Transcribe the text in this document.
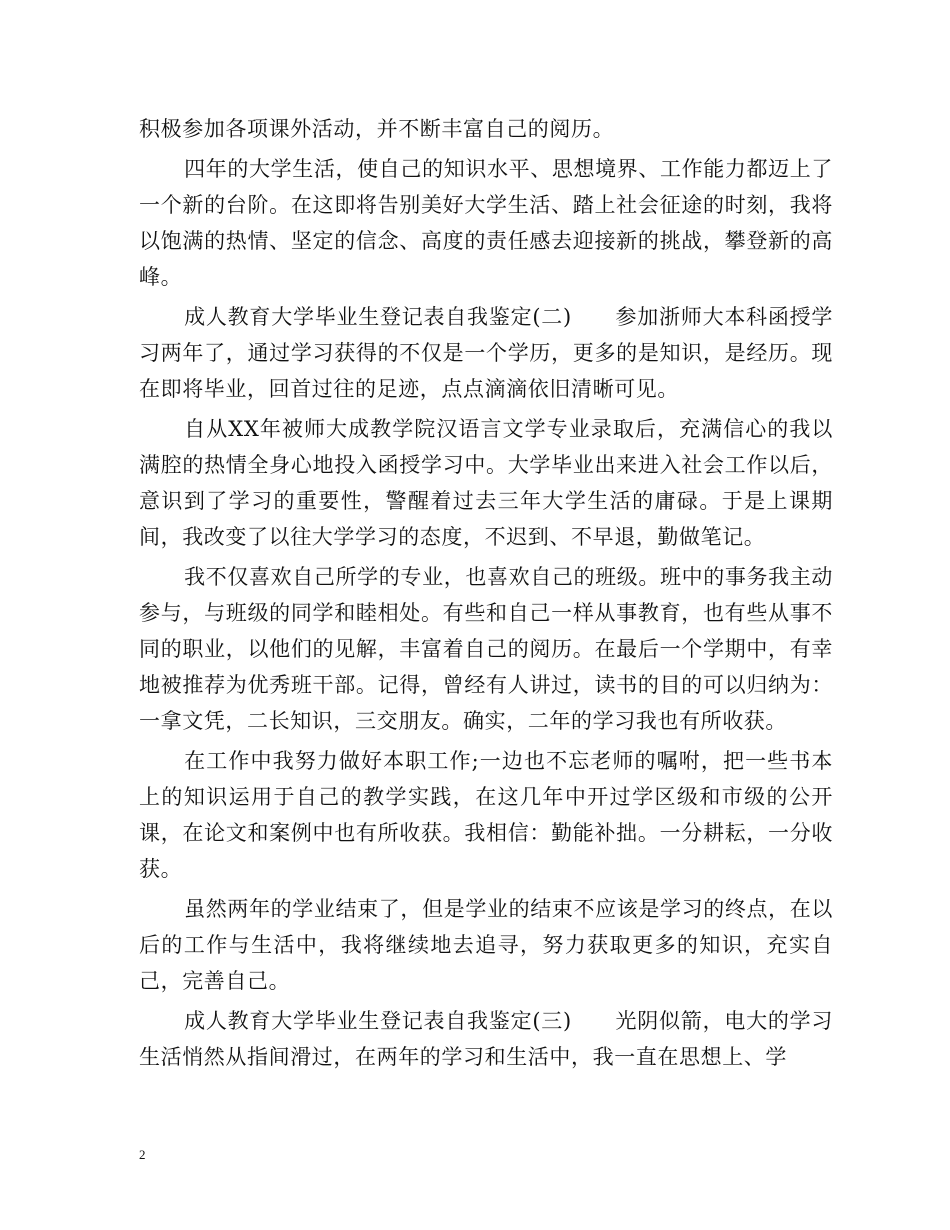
积极参加各项课外活动，并不断丰富自己的阅历。

四年的大学生活，使自己的知识水平、思想境界、工作能力都迈上了一个新的台阶。在这即将告别美好大学生活、踏上社会征途的时刻，我将以饱满的热情、坚定的信念、高度的责任感去迎接新的挑战，攀登新的高峰。

成人教育大学毕业生登记表自我鉴定(二)　　参加浙师大本科函授学习两年了，通过学习获得的不仅是一个学历，更多的是知识，是经历。现在即将毕业，回首过往的足迹，点点滴滴依旧清晰可见。

自从XX年被师大成教学院汉语言文学专业录取后，充满信心的我以满腔的热情全身心地投入函授学习中。大学毕业出来进入社会工作以后，意识到了学习的重要性，警醒着过去三年大学生活的庸碌。于是上课期间，我改变了以往大学学习的态度，不迟到、不早退，勤做笔记。

我不仅喜欢自己所学的专业，也喜欢自己的班级。班中的事务我主动参与，与班级的同学和睦相处。有些和自己一样从事教育，也有些从事不同的职业，以他们的见解，丰富着自己的阅历。在最后一个学期中，有幸地被推荐为优秀班干部。记得，曾经有人讲过，读书的目的可以归纳为：一拿文凭，二长知识，三交朋友。确实，二年的学习我也有所收获。

在工作中我努力做好本职工作;一边也不忘老师的嘱咐，把一些书本上的知识运用于自己的教学实践，在这几年中开过学区级和市级的公开课，在论文和案例中也有所收获。我相信：勤能补拙。一分耕耘，一分收获。

虽然两年的学业结束了，但是学业的结束不应该是学习的终点，在以后的工作与生活中，我将继续地去追寻，努力获取更多的知识，充实自己，完善自己。

成人教育大学毕业生登记表自我鉴定(三)　　光阴似箭，电大的学习生活悄然从指间滑过，在两年的学习和生活中，我一直在思想上、学

2
